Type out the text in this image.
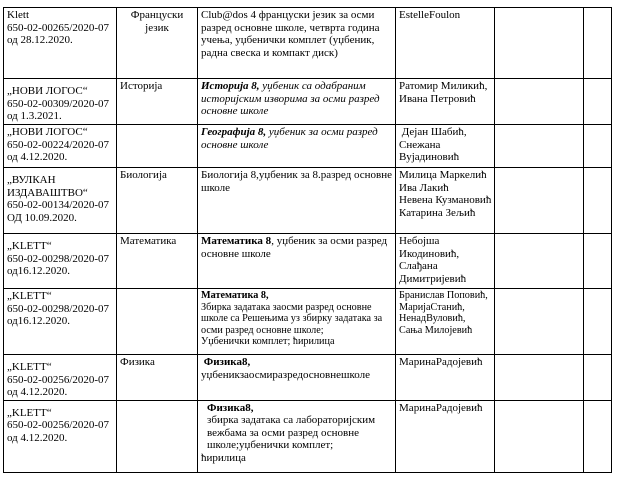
Klett
650-02-00265/2020-07
од 28.12.2020.	Француски
језик	Club@dos 4 француски језик за осми
разред основне школе, четврта година
учења, уџбенички комплет (уџбеник,
радна свеска и компакт диск)	EstelleFoulon		

„НОВИ ЛОГОС“
650-02-00309/2020-07
од 1.3.2021.	Историја	Историја 8, уџбеник са одабраним
историјским изворима за осми разред
основне школе	Ратомир Миликић,
Ивана Петровић		

„НОВИ ЛОГОС“
650-02-00224/2020-07
од 4.12.2020.		Географија 8, уџбеник за осми разред
основне школе	Дејан Шабић,
Снежана
Вујадиновић		

„ВУЛКАН
ИЗДАВАШТВО“
650-02-00134/2020-07
ОД 10.09.2020.	Биологија	Биологија 8,уџбеник за 8.разред основне
школе	Милица Маркелић
Ива Лакић
Невена Кузмановић
Катарина Зељић		

„KLETT“
650-02-00298/2020-07
од16.12.2020.	Математика	Математика 8, уџбеник за осми разред
основне школе	Небојша
Икодиновић,
Слађана
Димитријевић		

„KLETT“
650-02-00298/2020-07
од16.12.2020.		Математика 8,
Збирка задатака заосми разред основне
школе са Решењима уз збирку задатака за
осми разред основне школе;
Уџбенички комплет; ћирилица	Бранислав Поповић,
МаријаСтанић,
НенадВуловић,
Сања Милојевић		

„KLETT“
650-02-00256/2020-07
од 4.12.2020.	Физика	Физика8,
уџбеникзаосмиразредосновнешколе	МаринаРадојевић		

„KLETT“
650-02-00256/2020-07
од 4.12.2020.		Физика8,
збирка задатака са лабораторијским
вежбама за осми разред основне
школе;уџбенички комплет;
ћирилица	МаринаРадојевић		
